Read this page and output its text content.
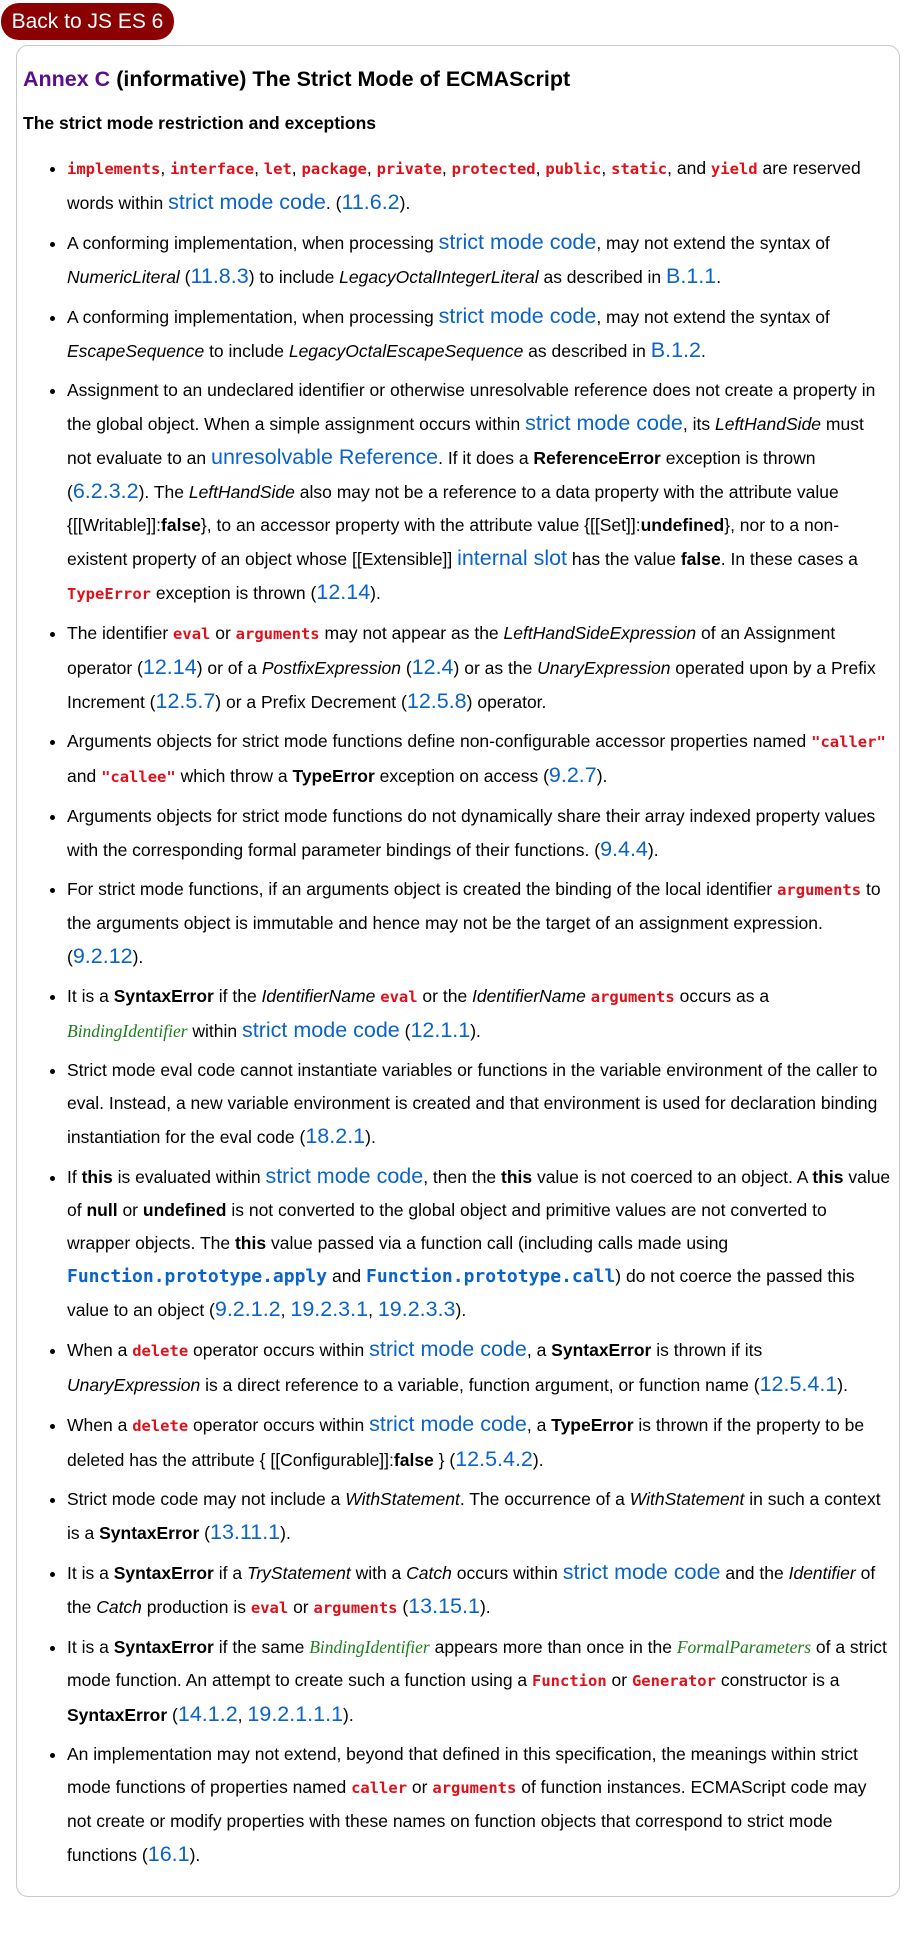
Back to JS ES 6
Annex C (informative) The Strict Mode of ECMAScript
The strict mode restriction and exceptions
• implements, interface, let, package, private, protected, public, static, and yield are reserved words within strict mode code. (11.6.2).
• A conforming implementation, when processing strict mode code, may not extend the syntax of NumericLiteral (11.8.3) to include LegacyOctalIntegerLiteral as described in B.1.1.
• A conforming implementation, when processing strict mode code, may not extend the syntax of EscapeSequence to include LegacyOctalEscapeSequence as described in B.1.2.
• Assignment to an undeclared identifier or otherwise unresolvable reference does not create a property in the global object. When a simple assignment occurs within strict mode code, its LeftHandSide must not evaluate to an unresolvable Reference. If it does a ReferenceError exception is thrown (6.2.3.2). The LeftHandSide also may not be a reference to a data property with the attribute value {[[Writable]]:false}, to an accessor property with the attribute value {[[Set]]:undefined}, nor to a non-existent property of an object whose [[Extensible]] internal slot has the value false. In these cases a TypeError exception is thrown (12.14).
• The identifier eval or arguments may not appear as the LeftHandSideExpression of an Assignment operator (12.14) or of a PostfixExpression (12.4) or as the UnaryExpression operated upon by a Prefix Increment (12.5.7) or a Prefix Decrement (12.5.8) operator.
• Arguments objects for strict mode functions define non-configurable accessor properties named "caller" and "callee" which throw a TypeError exception on access (9.2.7).
• Arguments objects for strict mode functions do not dynamically share their array indexed property values with the corresponding formal parameter bindings of their functions. (9.4.4).
• For strict mode functions, if an arguments object is created the binding of the local identifier arguments to the arguments object is immutable and hence may not be the target of an assignment expression. (9.2.12).
• It is a SyntaxError if the IdentifierName eval or the IdentifierName arguments occurs as a BindingIdentifier within strict mode code (12.1.1).
• Strict mode eval code cannot instantiate variables or functions in the variable environment of the caller to eval. Instead, a new variable environment is created and that environment is used for declaration binding instantiation for the eval code (18.2.1).
• If this is evaluated within strict mode code, then the this value is not coerced to an object. A this value of null or undefined is not converted to the global object and primitive values are not converted to wrapper objects. The this value passed via a function call (including calls made using Function.prototype.apply and Function.prototype.call) do not coerce the passed this value to an object (9.2.1.2, 19.2.3.1, 19.2.3.3).
• When a delete operator occurs within strict mode code, a SyntaxError is thrown if its UnaryExpression is a direct reference to a variable, function argument, or function name (12.5.4.1).
• When a delete operator occurs within strict mode code, a TypeError is thrown if the property to be deleted has the attribute { [[Configurable]]:false } (12.5.4.2).
• Strict mode code may not include a WithStatement. The occurrence of a WithStatement in such a context is a SyntaxError (13.11.1).
• It is a SyntaxError if a TryStatement with a Catch occurs within strict mode code and the Identifier of the Catch production is eval or arguments (13.15.1).
• It is a SyntaxError if the same BindingIdentifier appears more than once in the FormalParameters of a strict mode function. An attempt to create such a function using a Function or Generator constructor is a SyntaxError (14.1.2, 19.2.1.1.1).
• An implementation may not extend, beyond that defined in this specification, the meanings within strict mode functions of properties named caller or arguments of function instances. ECMAScript code may not create or modify properties with these names on function objects that correspond to strict mode functions (16.1).
